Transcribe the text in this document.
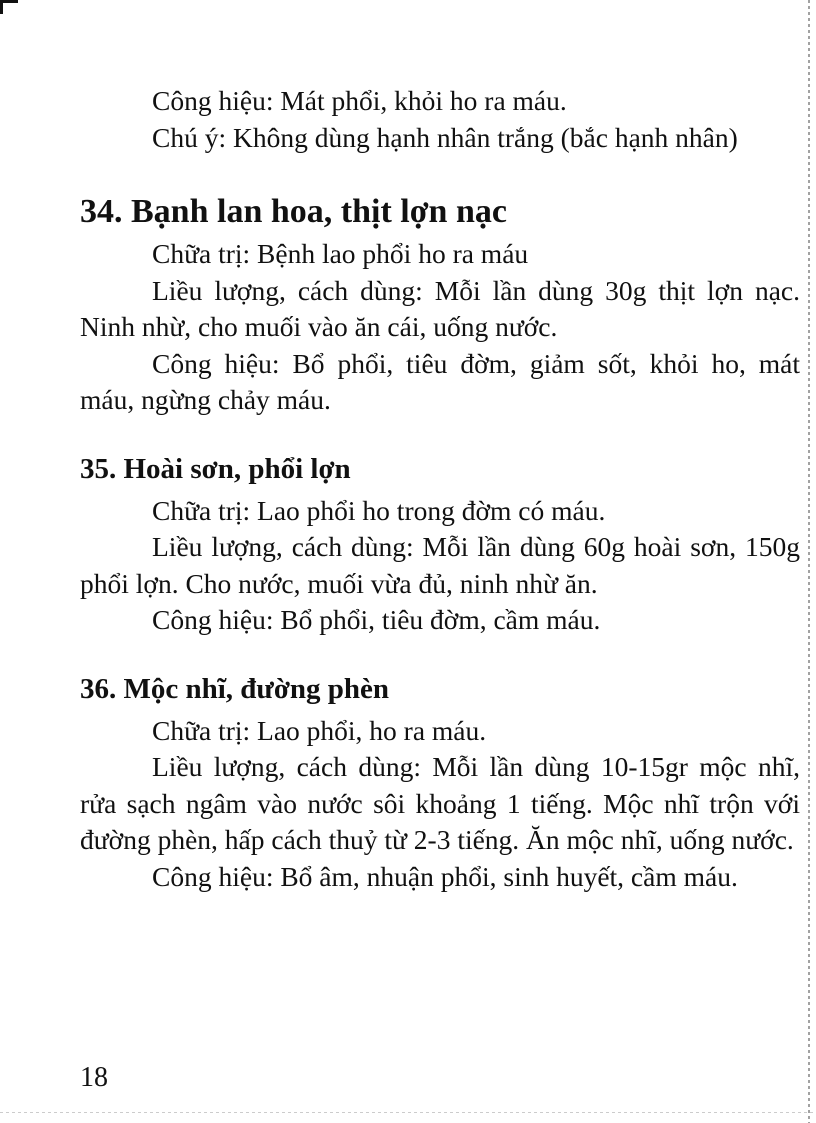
Công hiệu: Mát phổi, khỏi ho ra máu.

Chú ý: Không dùng hạnh nhân trắng (bắc hạnh nhân)

34. Bạnh lan hoa, thịt lợn nạc

Chữa trị: Bệnh lao phổi ho ra máu

Liều lượng, cách dùng: Mỗi lần dùng 30g thịt lợn nạc. Ninh nhừ, cho muối vào ăn cái, uống nước.

Công hiệu: Bổ phổi, tiêu đờm, giảm sốt, khỏi ho, mát máu, ngừng chảy máu.

35. Hoài sơn, phổi lợn

Chữa trị: Lao phổi ho trong đờm có máu.

Liều lượng, cách dùng: Mỗi lần dùng 60g hoài sơn, 150g phổi lợn. Cho nước, muối vừa đủ, ninh nhừ ăn.

Công hiệu: Bổ phổi, tiêu đờm, cầm máu.

36. Mộc nhĩ, đường phèn

Chữa trị: Lao phổi, ho ra máu.

Liều lượng, cách dùng: Mỗi lần dùng 10-15gr mộc nhĩ, rửa sạch ngâm vào nước sôi khoảng 1 tiếng. Mộc nhĩ trộn với đường phèn, hấp cách thuỷ từ 2-3 tiếng. Ăn mộc nhĩ, uống nước.

Công hiệu: Bổ âm, nhuận phổi, sinh huyết, cầm máu.

18
